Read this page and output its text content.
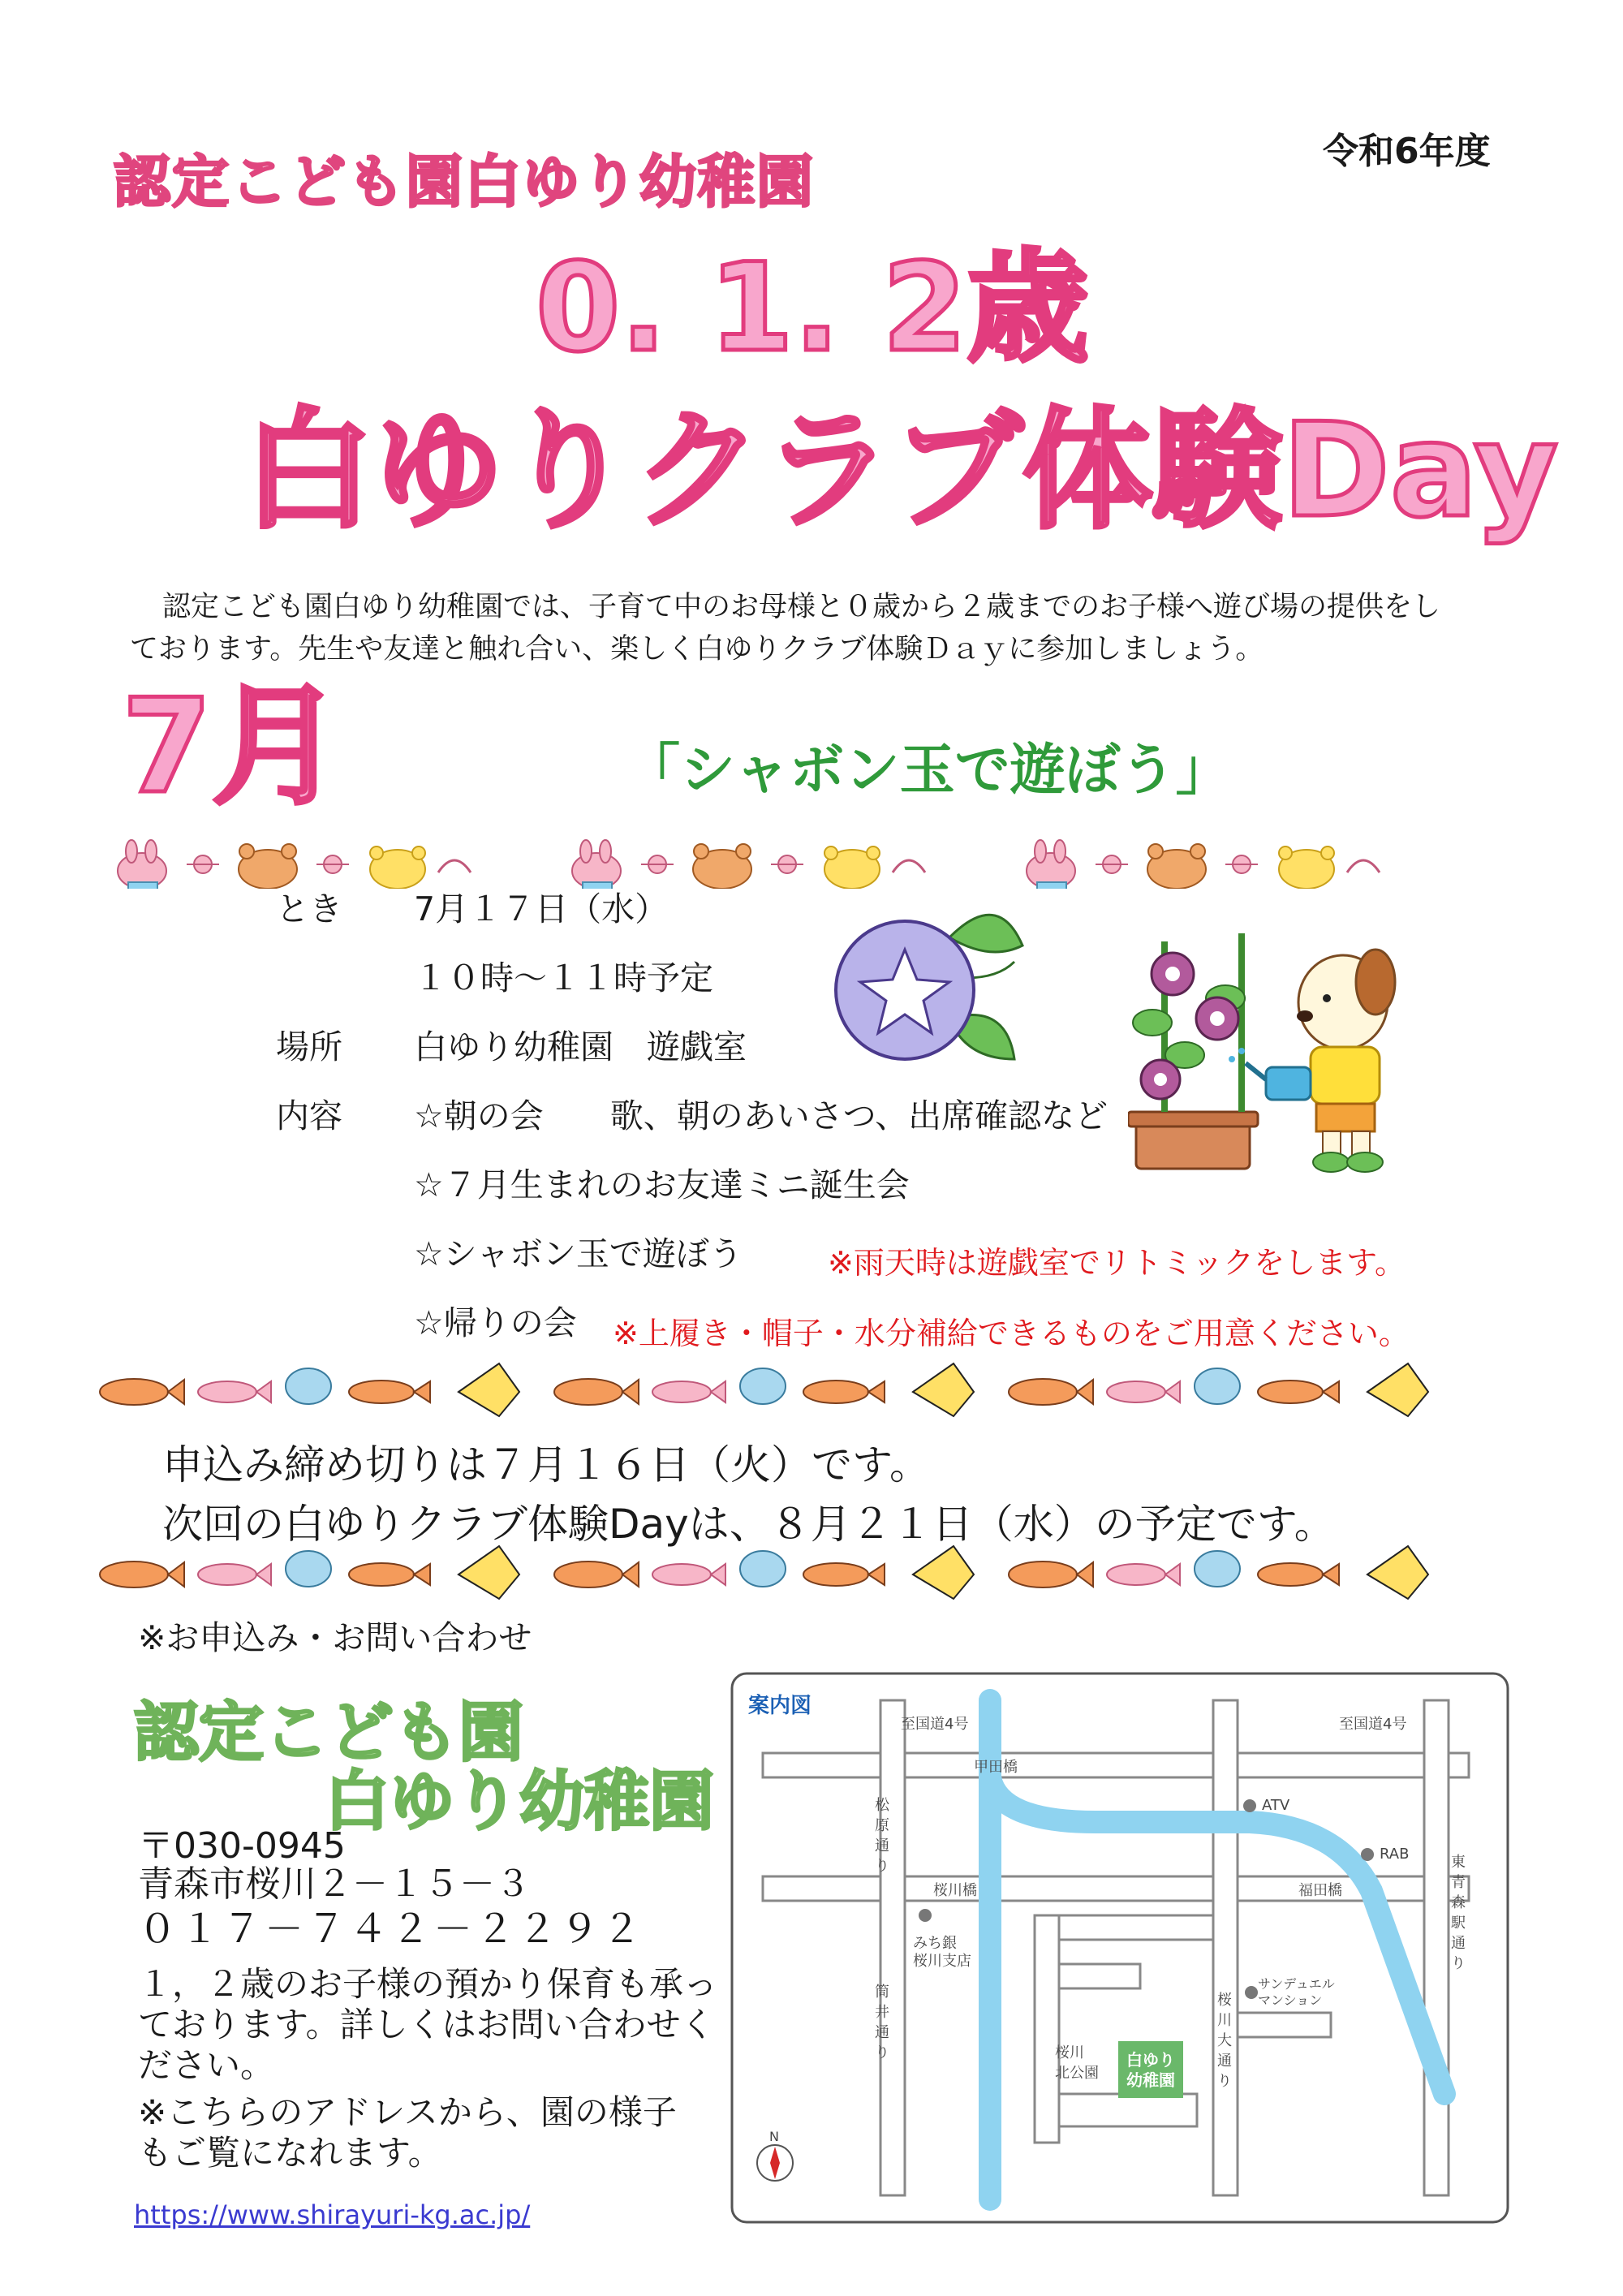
令和6年度
認定こども園白ゆり幼稚園
0. 1. 2歳
白ゆりクラブ体験Day
認定こども園白ゆり幼稚園では、子育て中のお母様と０歳から２歳までのお子様へ遊び場の提供をしております。先生や友達と触れ合い、楽しく白ゆりクラブ体験Ｄａｙに参加しましょう。
7月	「シャボン玉で遊ぼう」
とき 7月１７日（水）
１０時～１１時予定
場所 白ゆり幼稚園　遊戯室
内容 ☆朝の会　　歌、朝のあいさつ、出席確認など
☆７月生まれのお友達ミニ誕生会
☆シャボン玉で遊ぼう	※雨天時は遊戯室でリトミックをします。
☆帰りの会 ※上履き・帽子・水分補給できるものをご用意ください。
申込み締め切りは７月１６日（火）です。
次回の白ゆりクラブ体験Dayは、８月２１日（水）の予定です。
※お申込み・お問い合わせ
認定こども園
白ゆり幼稚園
〒030-0945
青森市桜川２－１５－３
０１７－７４２－２２９２
１，２歳のお子様の預かり保育も承っております。詳しくはお問い合わせください。
※こちらのアドレスから、園の様子　もご覧になれます。
https://www.shirayuri-kg.ac.jp/
案内図
白ゆり
幼稚園
至国道4号	至国道4号
甲田橋
桜川橋	福田橋
ATV
RAB
みち銀
桜川支店
サンデュエル
マンション
桜川
北公園
松
原
通
り
筒
井
通
り
桜
川
大
通
り
東
青
森
駅
通
り
N
